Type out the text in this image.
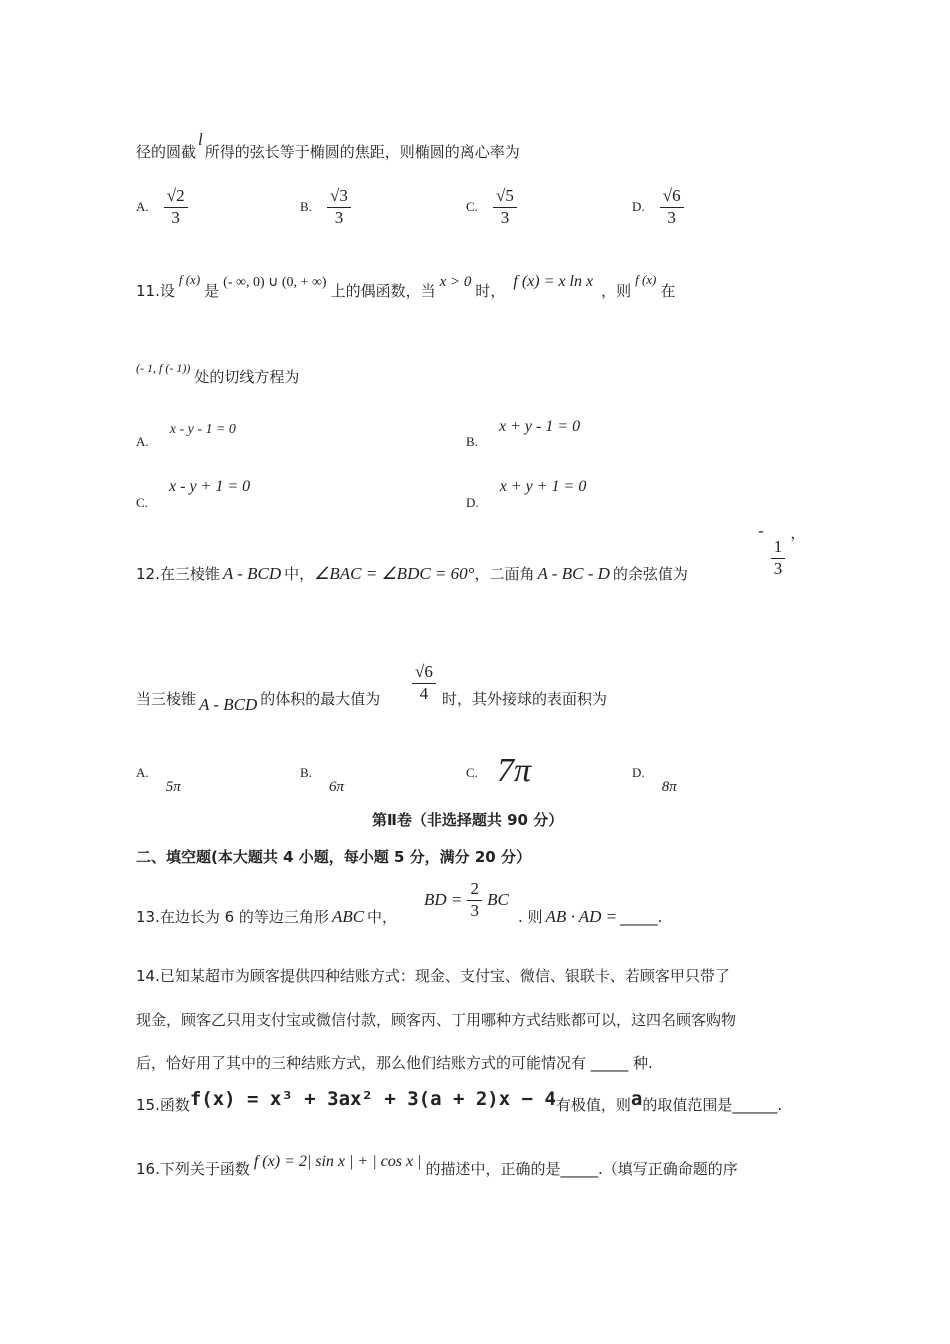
径的圆截l所得的弦长等于椭圆的焦距，则椭圆的离心率为
A. $\frac{√2}{3}$	B. $\frac{√3}{3}$	C. $\frac{√5}{3}$	D. $\frac{√6}{3}$
11.设f (x)是 (- ∞, 0) ∪ (0, + ∞) 上的偶函数，当 x > 0 时，f (x) = x ln x，则f (x)在
$^{(- 1, f (- 1))}$ 处的切线方程为
$_{A.}$ x - y - 1 = 0
$_{B.}$ x + y - 1 = 0
$_{C.}$ x - y + 1 = 0
$_{D.}$ x + y + 1 = 0
12.在三棱锥 A - BCD 中，∠BAC = ∠BDC = 60°，二面角 A - BC - D 的余弦值为
-
$\frac{1}{3}$
，
当三棱锥 A - BCD 的体积的最大值为 $\frac{√6}{4}$ 时，其外接球的表面积为
A. 5π
B. 6π
$^{C.}$ 7π	D. 8π
第Ⅱ卷（非选择题共 90 分）
二、填空题(本大题共 4 小题，每小题 5 分，满分 20 分）
13.在边长为 6 的等边三角形 ABC 中，
BD = $\frac{2}{3}$ BC
. 则 AB · AD = _____.
14.已知某超市为顾客提供四种结账方式：现金、支付宝、微信、银联卡、若顾客甲只带了
现金，顾客乙只用支付宝或微信付款，顾客丙、丁用哪种方式结账都可以，这四名顾客购物
后，恰好用了其中的三种结账方式，那么他们结账方式的可能情况有 _____ 种.
15.函数f(x) = x³ + 3ax² + 3(a + 2)x − 4有极值，则a的取值范围是______.
16.下列关于函数 f (x) = 2| sin x | + | cos x | 的描述中，正确的是_____.（填写正确命题的序
